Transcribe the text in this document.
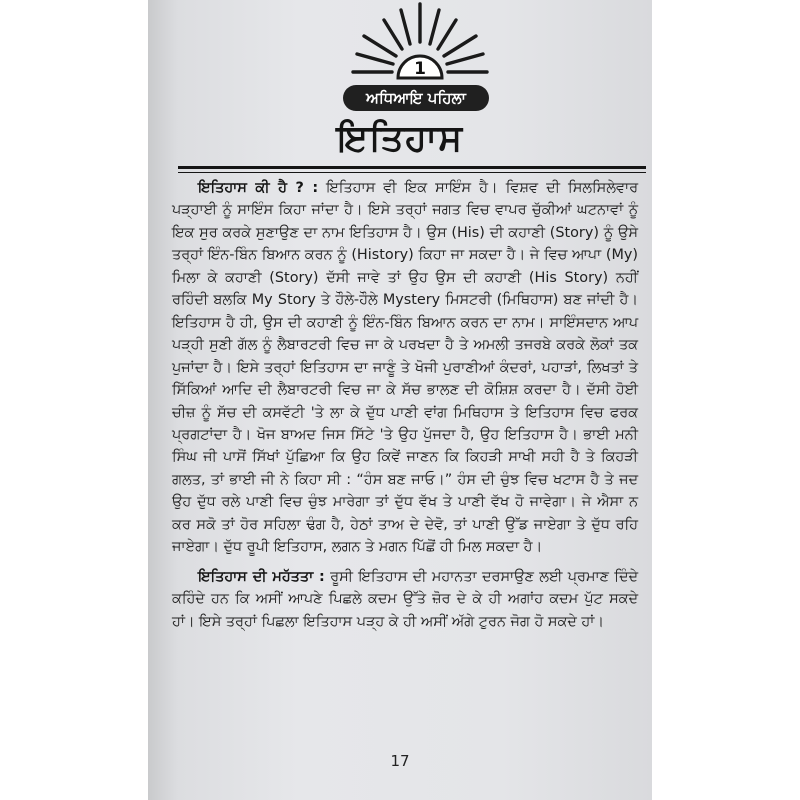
1
ਅਧਿਆਇ ਪਹਿਲਾ
ਇਤਿਹਾਸ

ਇਤਿਹਾਸ ਕੀ ਹੈ ? : ਇਤਿਹਾਸ ਵੀ ਇਕ ਸਾਇੰਸ ਹੈ। ਵਿਸ਼ਵ ਦੀ ਸਿਲਸਿਲੇਵਾਰ ਪੜ੍ਹਾਈ ਨੂੰ ਸਾਇੰਸ ਕਿਹਾ ਜਾਂਦਾ ਹੈ। ਇਸੇ ਤਰ੍ਹਾਂ ਜਗਤ ਵਿਚ ਵਾਪਰ ਚੁੱਕੀਆਂ ਘਟਨਾਵਾਂ ਨੂੰ ਇਕ ਸੁਰ ਕਰਕੇ ਸੁਣਾਉਣ ਦਾ ਨਾਮ ਇਤਿਹਾਸ ਹੈ। ਉਸ (His) ਦੀ ਕਹਾਣੀ (Story) ਨੂੰ ਉਸੇ ਤਰ੍ਹਾਂ ਇੰਨ-ਬਿੰਨ ਬਿਆਨ ਕਰਨ ਨੂੰ (History) ਕਿਹਾ ਜਾ ਸਕਦਾ ਹੈ। ਜੇ ਵਿਚ ਆਪਾ (My) ਮਿਲਾ ਕੇ ਕਹਾਣੀ (Story) ਦੱਸੀ ਜਾਵੇ ਤਾਂ ਉਹ ਉਸ ਦੀ ਕਹਾਣੀ (His Story) ਨਹੀਂ ਰਹਿੰਦੀ ਬਲਕਿ My Story ਤੇ ਹੌਲੇ-ਹੌਲੇ Mystery ਮਿਸਟਰੀ (ਮਿਥਿਹਾਸ) ਬਣ ਜਾਂਦੀ ਹੈ। ਇਤਿਹਾਸ ਹੈ ਹੀ, ਉਸ ਦੀ ਕਹਾਣੀ ਨੂੰ ਇੰਨ-ਬਿੰਨ ਬਿਆਨ ਕਰਨ ਦਾ ਨਾਮ। ਸਾਇੰਸਦਾਨ ਆਪ ਪੜ੍ਹੀ ਸੁਣੀ ਗੱਲ ਨੂੰ ਲੈਬਾਰਟਰੀ ਵਿਚ ਜਾ ਕੇ ਪਰਖਦਾ ਹੈ ਤੇ ਅਮਲੀ ਤਜਰਬੇ ਕਰਕੇ ਲੋਕਾਂ ਤਕ ਪੁਜਾਂਦਾ ਹੈ। ਇਸੇ ਤਰ੍ਹਾਂ ਇਤਿਹਾਸ ਦਾ ਜਾਣੂੰ ਤੇ ਖੋਜੀ ਪੁਰਾਣੀਆਂ ਕੰਦਰਾਂ, ਪਹਾੜਾਂ, ਲਿਖਤਾਂ ਤੇ ਸਿੱਕਿਆਂ ਆਦਿ ਦੀ ਲੈਬਾਰਟਰੀ ਵਿਚ ਜਾ ਕੇ ਸੱਚ ਭਾਲਣ ਦੀ ਕੋਸ਼ਿਸ਼ ਕਰਦਾ ਹੈ। ਦੱਸੀ ਹੋਈ ਚੀਜ਼ ਨੂੰ ਸੱਚ ਦੀ ਕਸਵੱਟੀ 'ਤੇ ਲਾ ਕੇ ਦੁੱਧ ਪਾਣੀ ਵਾਂਗ ਮਿਥਿਹਾਸ ਤੇ ਇਤਿਹਾਸ ਵਿਚ ਫਰਕ ਪ੍ਰਗਟਾਂਦਾ ਹੈ। ਖੋਜ ਬਾਅਦ ਜਿਸ ਸਿੱਟੇ 'ਤੇ ਉਹ ਪੁੱਜਦਾ ਹੈ, ਉਹ ਇਤਿਹਾਸ ਹੈ। ਭਾਈ ਮਨੀ ਸਿੰਘ ਜੀ ਪਾਸੋਂ ਸਿੱਖਾਂ ਪੁੱਛਿਆ ਕਿ ਉਹ ਕਿਵੇਂ ਜਾਣਨ ਕਿ ਕਿਹੜੀ ਸਾਖੀ ਸਹੀ ਹੈ ਤੇ ਕਿਹੜੀ ਗਲਤ, ਤਾਂ ਭਾਈ ਜੀ ਨੇ ਕਿਹਾ ਸੀ : “ਹੰਸ ਬਣ ਜਾਓ।” ਹੰਸ ਦੀ ਚੁੰਝ ਵਿਚ ਖਟਾਸ ਹੈ ਤੇ ਜਦ ਉਹ ਦੁੱਧ ਰਲੇ ਪਾਣੀ ਵਿਚ ਚੁੰਝ ਮਾਰੇਗਾ ਤਾਂ ਦੁੱਧ ਵੱਖ ਤੇ ਪਾਣੀ ਵੱਖ ਹੋ ਜਾਵੇਗਾ। ਜੇ ਐਸਾ ਨ ਕਰ ਸਕੋ ਤਾਂ ਹੋਰ ਸਹਿਲਾ ਢੰਗ ਹੈ, ਹੇਠਾਂ ਤਾਅ ਦੇ ਦੇਵੋ, ਤਾਂ ਪਾਣੀ ਉੱਡ ਜਾਏਗਾ ਤੇ ਦੁੱਧ ਰਹਿ ਜਾਏਗਾ। ਦੁੱਧ ਰੂਪੀ ਇਤਿਹਾਸ, ਲਗਨ ਤੇ ਮਗਨ ਪਿੱਛੋਂ ਹੀ ਮਿਲ ਸਕਦਾ ਹੈ।

ਇਤਿਹਾਸ ਦੀ ਮਹੱਤਤਾ : ਰੂਸੀ ਇਤਿਹਾਸ ਦੀ ਮਹਾਨਤਾ ਦਰਸਾਉਣ ਲਈ ਪ੍ਰਮਾਣ ਦਿੰਦੇ ਕਹਿੰਦੇ ਹਨ ਕਿ ਅਸੀਂ ਆਪਣੇ ਪਿਛਲੇ ਕਦਮ ਉੱਤੇ ਜ਼ੋਰ ਦੇ ਕੇ ਹੀ ਅਗਾਂਹ ਕਦਮ ਪੁੱਟ ਸਕਦੇ ਹਾਂ। ਇਸੇ ਤਰ੍ਹਾਂ ਪਿਛਲਾ ਇਤਿਹਾਸ ਪੜ੍ਹ ਕੇ ਹੀ ਅਸੀਂ ਅੱਗੇ ਟੁਰਨ ਜੋਗ ਹੋ ਸਕਦੇ ਹਾਂ।

17
